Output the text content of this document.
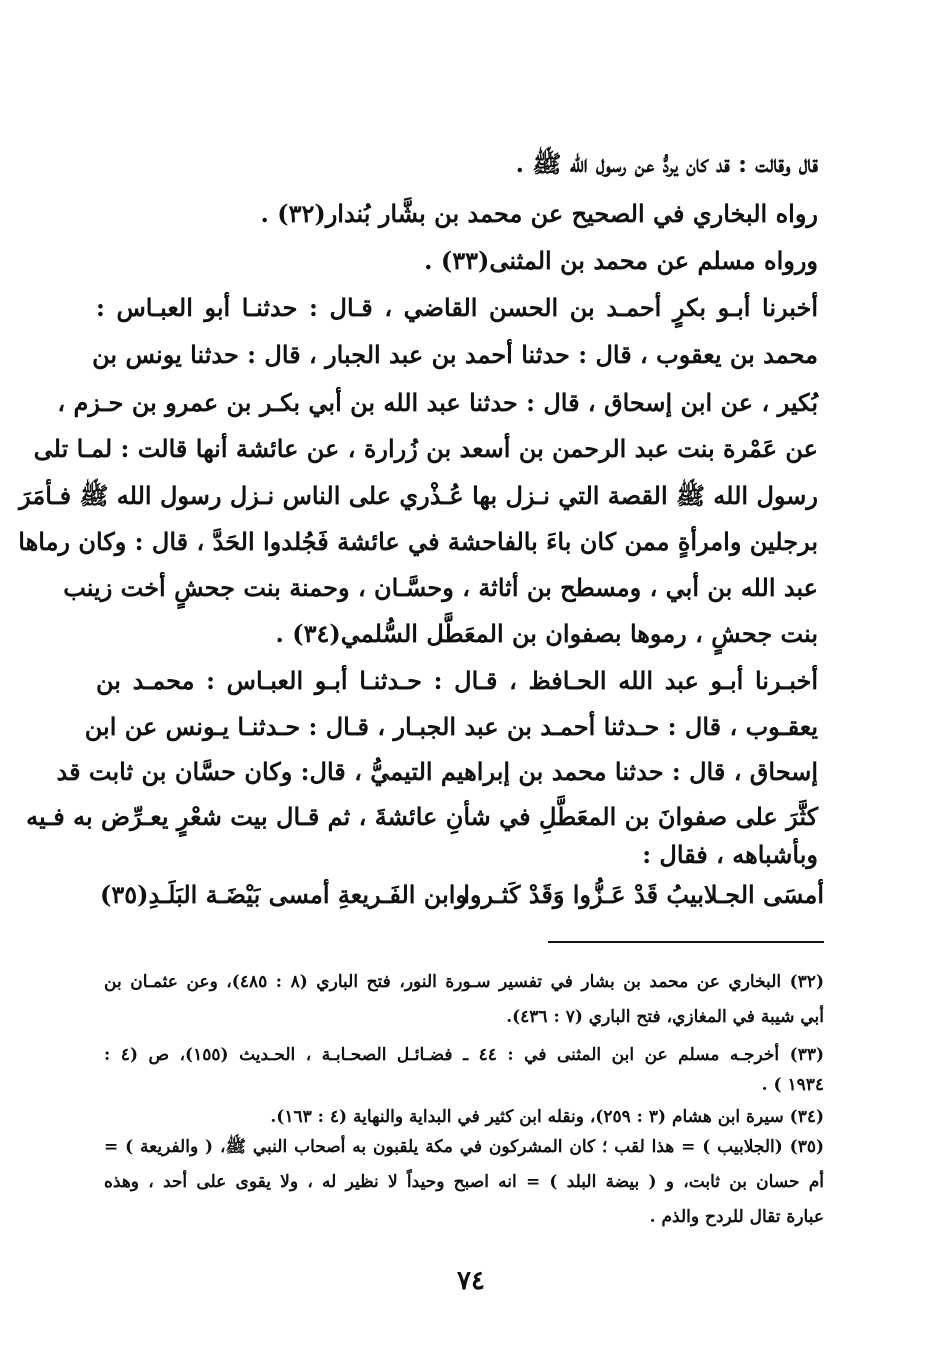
قال وقالت : قد كان يردُّ عن رسول الله ﷺ .
رواه البخاري في الصحيح عن محمد بن بشَّار بُندار(٣٢) .
ورواه مسلم عن محمد بن المثنى(٣٣) .
أخبرنا أبـو بكرٍ أحمـد بن الحسن القاضي ، قـال : حدثنـا أبو العبـاس :
محمد بن يعقوب ، قال : حدثنا أحمد بن عبد الجبار ، قال : حدثنا يونس بن
بُكير ، عن ابن إسحاق ، قال : حدثنا عبد الله بن أبي بكـر بن عمرو بن حـزم ،
عن عَمْرة بنت عبد الرحمن بن أسعد بن زُرارة ، عن عائشة أنها قالت : لمـا تلى
رسول الله ﷺ القصة التي نـزل بها عُـذْري على الناس نـزل رسول الله ﷺ فـأمَرَ
برجلين وامرأةٍ ممن كان باءَ بالفاحشة في عائشة فَجُلدوا الحَدَّ ، قال : وكان رماها
عبد الله بن أبي ، ومسطح بن أثاثة ، وحسَّـان ، وحمنة بنت جحشٍ أخت زينب
بنت جحشٍ ، رموها بصفوان بن المعَطَّل السُّلمي(٣٤) .
أخبـرنا أبـو عبد الله الحـافظ ، قـال : حـدثنـا أبـو العبـاس : محمـد بن
يعقـوب ، قال : حـدثنا أحمـد بن عبد الجبـار ، قـال : حـدثنـا يـونس عن ابن
إسحاق ، قال : حدثنا محمد بن إبراهيم التيميُّ ، قال: وكان حسَّان بن ثابت قد
كثَّرَ على صفوانَ بن المعَطَّلِ في شأنِ عائشةَ ، ثم قـال بيت شعْرٍ يعـرِّض به فـيه
وبأشباهه ، فقال :
أمسَى الجـلابيبُ قَدْ عَـزُّوا وَقَدْ كَثـروا
وابن الفَـريعةِ أمسى بَيْضَـة البَلَـدِ(٣٥)
(٣٢) البخاري عن محمد بن بشار في تفسير سـورة النور، فتح الباري (٨ : ٤٨٥)، وعن عثمـان بن
أبي شيبة في المغازي، فتح الباري (٧ : ٤٣٦).
(٣٣) أخرجـه مسلم عن ابن المثنى في : ٤٤ ـ فضـائـل الصحـابـة ، الحـديث (١٥٥)، ص (٤ :
١٩٣٤ ) .
(٣٤) سيرة ابن هشام (٣ : ٢٥٩)، ونقله ابن كثير في البداية والنهاية (٤ : ١٦٣).
(٣٥) (الجلابيب ) = هذا لقب ؛ كان المشركون في مكة يلقبون به أصحاب النبي ﷺ، ( والفريعة ) =
أم حسان بن ثابت، و ( بيضة البلد ) = انه اصبح وحيداً لا نظير له ، ولا يقوى على أحد ، وهذه
عبارة تقال للردح والذم .
٧٤
